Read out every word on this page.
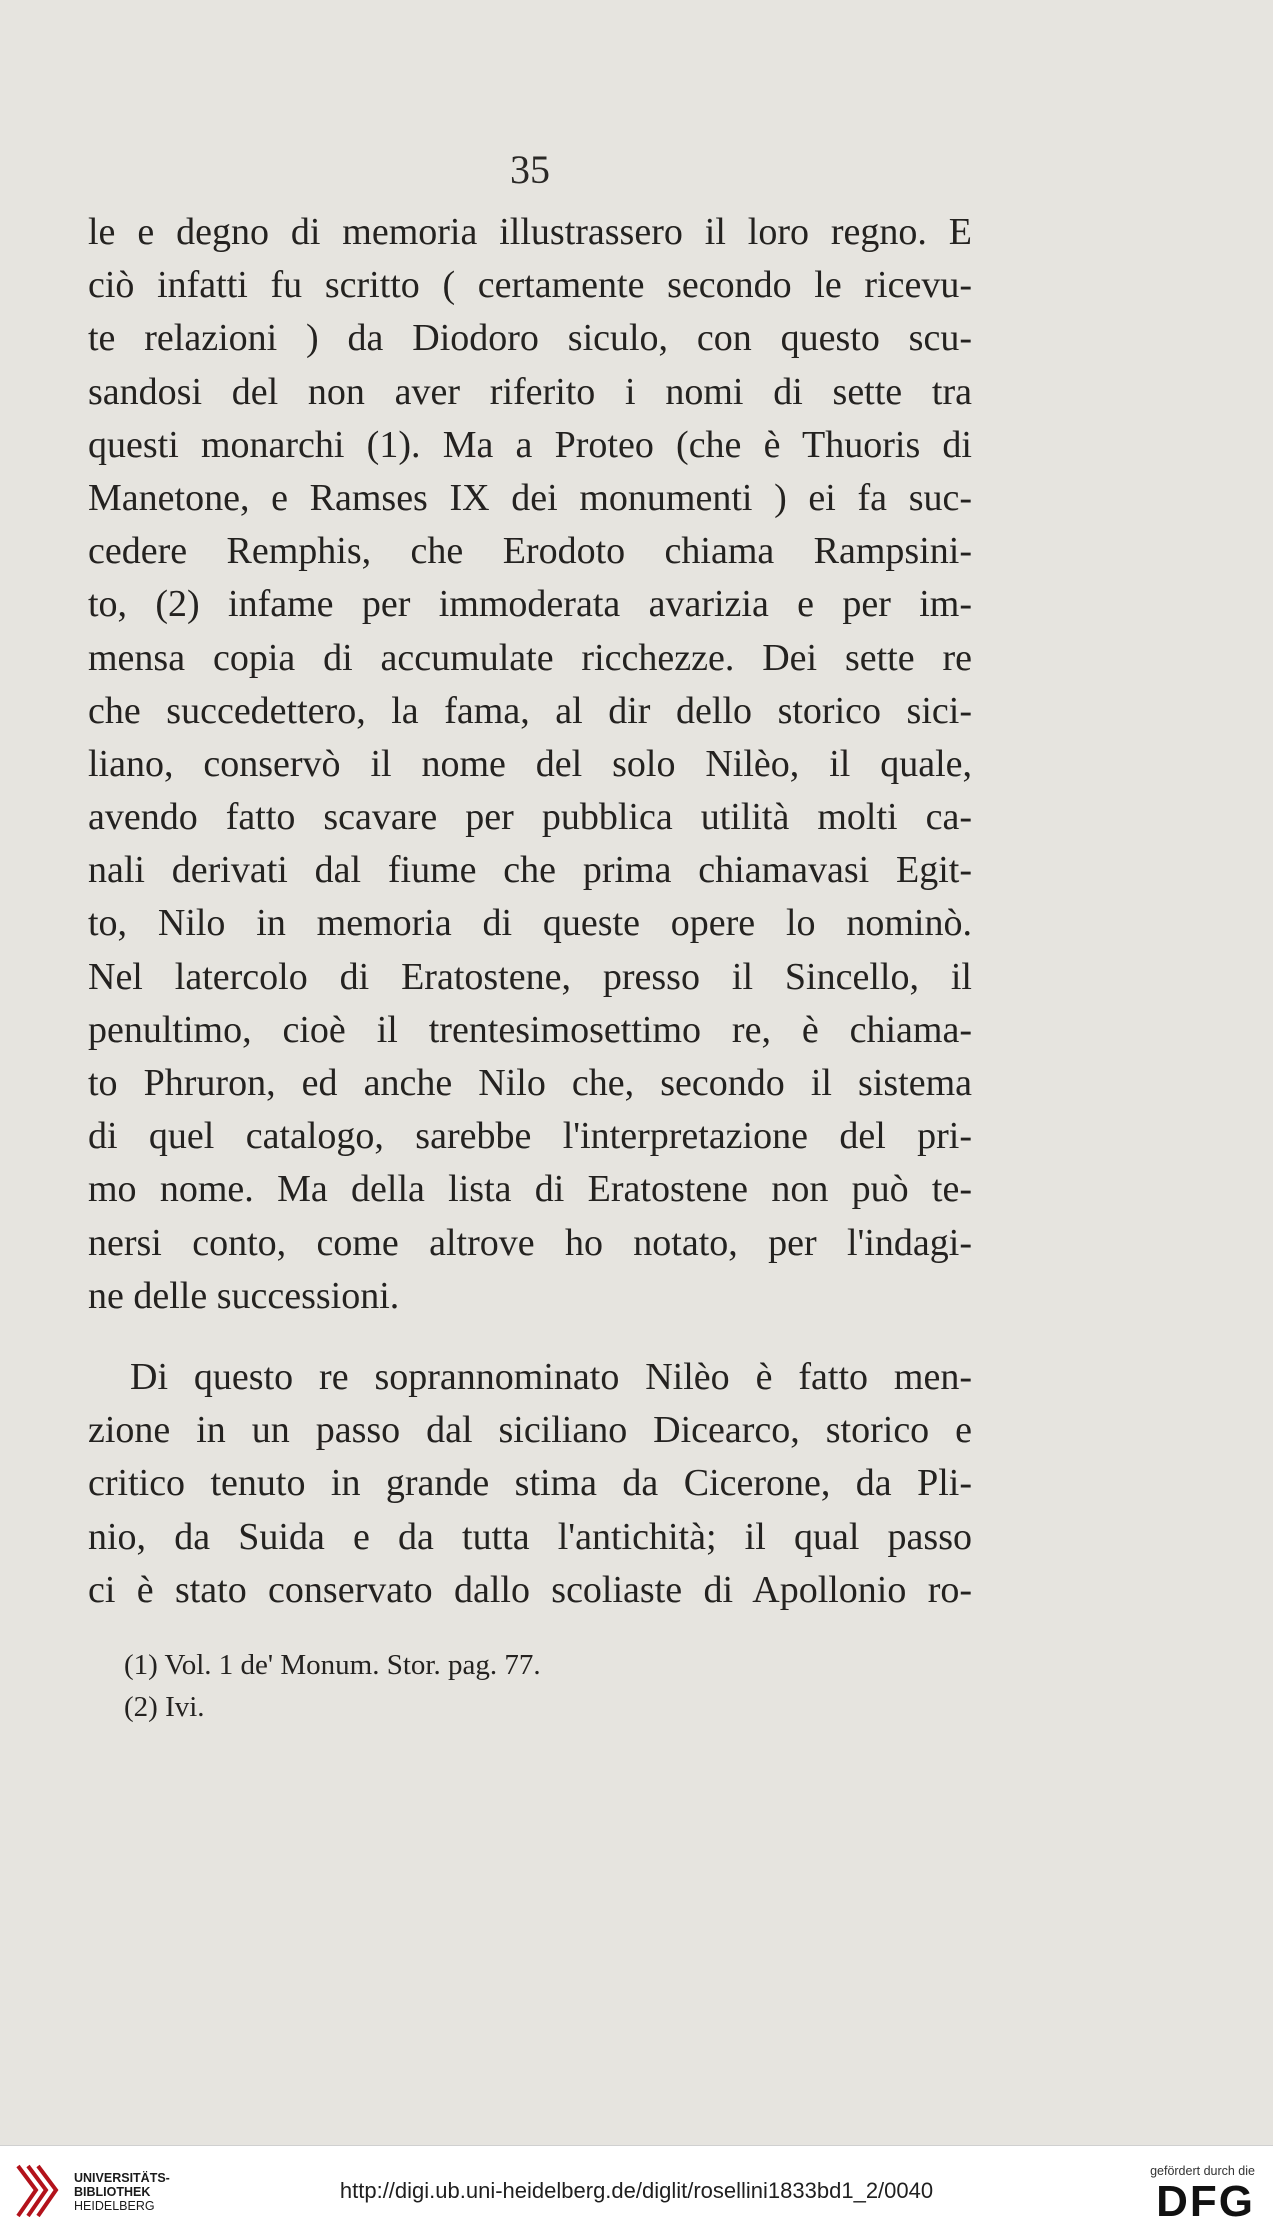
35
le e degno di memoria illustrassero il loro regno. E
ciò infatti fu scritto ( certamente secondo le ricevu-
te relazioni ) da Diodoro siculo, con questo scu-
sandosi del non aver riferito i nomi di sette tra
questi monarchi (1). Ma a Proteo (che è Thuoris di
Manetone, e Ramses IX dei monumenti ) ei fa suc-
cedere Remphis, che Erodoto chiama Rampsini-
to, (2) infame per immoderata avarizia e per im-
mensa copia di accumulate ricchezze. Dei sette re
che succedettero, la fama, al dir dello storico sici-
liano, conservò il nome del solo Nilèo, il quale,
avendo fatto scavare per pubblica utilità molti ca-
nali derivati dal fiume che prima chiamavasi Egit-
to, Nilo in memoria di queste opere lo nominò.
Nel latercolo di Eratostene, presso il Sincello, il
penultimo, cioè il trentesimosettimo re, è chiama-
to Phruron, ed anche Nilo che, secondo il sistema
di quel catalogo, sarebbe l'interpretazione del pri-
mo nome. Ma della lista di Eratostene non può te-
nersi conto, come altrove ho notato, per l'indagi-
ne delle successioni.
Di questo re soprannominato Nilèo è fatto men-
zione in un passo dal siciliano Dicearco, storico e
critico tenuto in grande stima da Cicerone, da Pli-
nio, da Suida e da tutta l'antichità; il qual passo
ci è stato conservato dallo scoliaste di Apollonio ro-
(1) Vol. 1 de' Monum. Stor. pag. 77.
(2) Ivi.
UNIVERSITÄTS-
BIBLIOTHEK
HEIDELBERG
http://digi.ub.uni-heidelberg.de/diglit/rosellini1833bd1_2/0040
gefördert durch die
DFG
